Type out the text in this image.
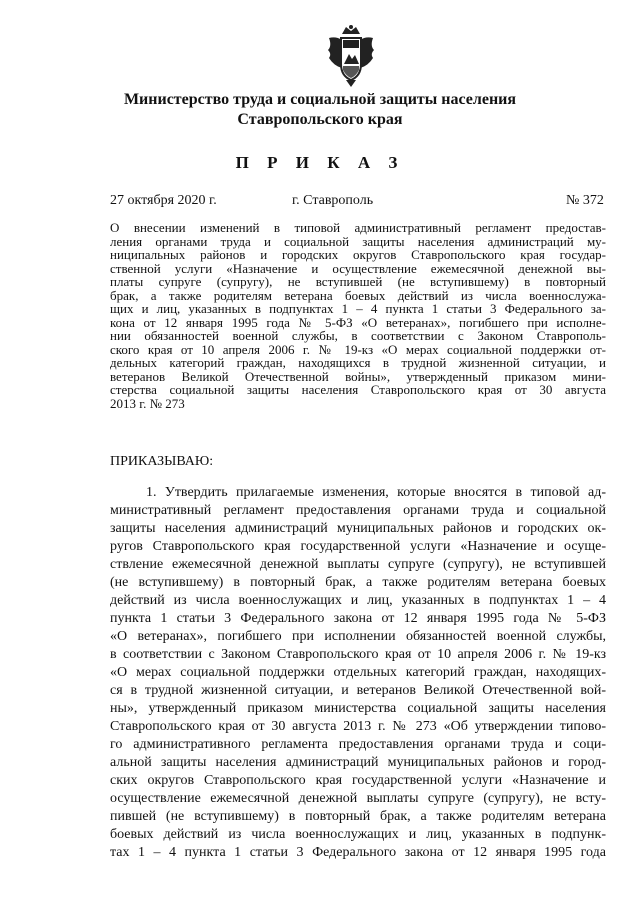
Министерство труда и социальной защиты населения
Ставропольского края
П Р И К А З
27 октября 2020 г.	г. Ставрополь	№ 372
О внесении изменений в типовой административный регламент предостав-
ления органами труда и социальной защиты населения администраций му-
ниципальных районов и городских округов Ставропольского края государ-
ственной услуги «Назначение и осуществление ежемесячной денежной вы-
платы супруге (супругу), не вступившей (не вступившему) в повторный
брак, а также родителям ветерана боевых действий из числа военнослужа-
щих и лиц, указанных в подпунктах 1 – 4 пункта 1 статьи 3 Федерального за-
кона от 12 января 1995 года № 5-ФЗ «О ветеранах», погибшего при исполне-
нии обязанностей военной службы, в соответствии с Законом Ставрополь-
ского края от 10 апреля 2006 г. № 19-кз «О мерах социальной поддержки от-
дельных категорий граждан, находящихся в трудной жизненной ситуации, и
ветеранов Великой Отечественной войны», утвержденный приказом мини-
стерства социальной защиты населения Ставропольского края от 30 августа
2013 г. № 273
ПРИКАЗЫВАЮ:
1. Утвердить прилагаемые изменения, которые вносятся в типовой ад-
министративный регламент предоставления органами труда и социальной
защиты населения администраций муниципальных районов и городских ок-
ругов Ставропольского края государственной услуги «Назначение и осуще-
ствление ежемесячной денежной выплаты супруге (супругу), не вступившей
(не вступившему) в повторный брак, а также родителям ветерана боевых
действий из числа военнослужащих и лиц, указанных в подпунктах 1 – 4
пункта 1 статьи 3 Федерального закона от 12 января 1995 года № 5-ФЗ
«О ветеранах», погибшего при исполнении обязанностей военной службы,
в соответствии с Законом Ставропольского края от 10 апреля 2006 г. № 19-кз
«О мерах социальной поддержки отдельных категорий граждан, находящих-
ся в трудной жизненной ситуации, и ветеранов Великой Отечественной вой-
ны», утвержденный приказом министерства социальной защиты населения
Ставропольского края от 30 августа 2013 г. № 273 «Об утверждении типово-
го административного регламента предоставления органами труда и соци-
альной защиты населения администраций муниципальных районов и город-
ских округов Ставропольского края государственной услуги «Назначение и
осуществление ежемесячной денежной выплаты супруге (супругу), не всту-
пившей (не вступившему) в повторный брак, а также родителям ветерана
боевых действий из числа военнослужащих и лиц, указанных в подпунк-
тах 1 – 4 пункта 1 статьи 3 Федерального закона от 12 января 1995 года
